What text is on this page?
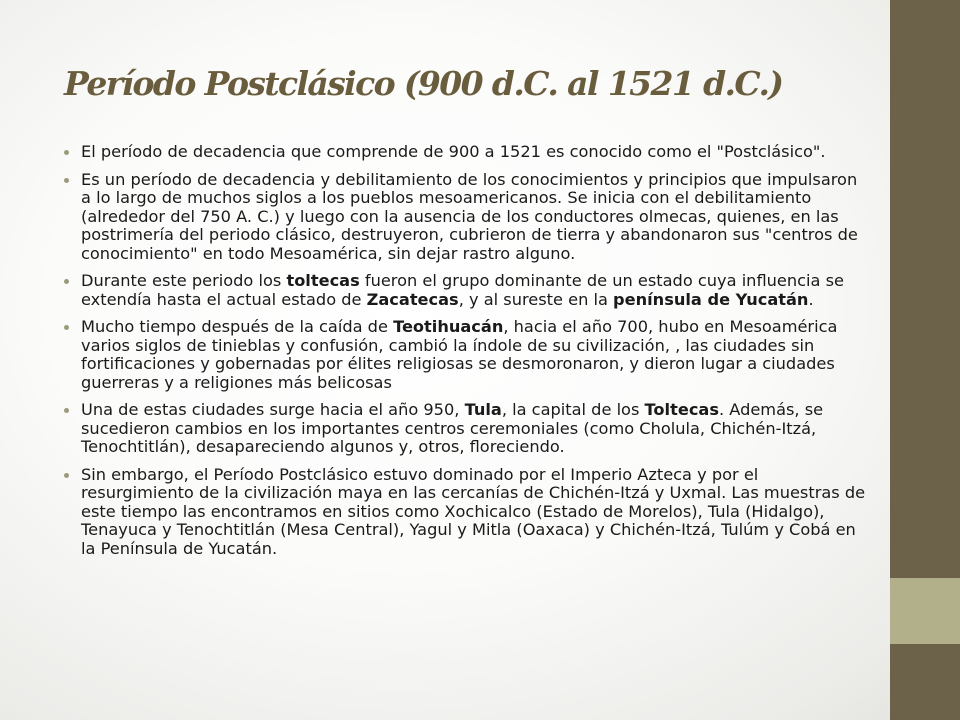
Período Postclásico (900 d.C. al 1521 d.C.)
El período de decadencia que comprende de 900 a 1521 es conocido como el "Postclásico".
Es un período de decadencia y debilitamiento de los conocimientos y principios que impulsaron a lo largo de muchos siglos a los pueblos mesoamericanos. Se inicia con el debilitamiento (alrededor del 750 A. C.) y luego con la ausencia de los conductores olmecas, quienes, en las postrimería del periodo clásico, destruyeron, cubrieron de tierra y abandonaron sus "centros de conocimiento" en todo Mesoamérica, sin dejar rastro alguno.
Durante este periodo los toltecas fueron el grupo dominante de un estado cuya influencia se extendía hasta el actual estado de Zacatecas, y al sureste en la península de Yucatán.
Mucho tiempo después de la caída de Teotihuacán, hacia el año 700, hubo en Mesoamérica varios siglos de tinieblas y confusión, cambió la índole de su civilización, , las ciudades sin fortificaciones y gobernadas por élites religiosas se desmoronaron, y dieron lugar a ciudades guerreras y a religiones más belicosas
Una de estas ciudades surge hacia el año 950, Tula, la capital de los Toltecas. Además, se sucedieron cambios en los importantes centros ceremoniales (como Cholula, Chichén-Itzá, Tenochtitlán), desapareciendo algunos y, otros, floreciendo.
Sin embargo, el Período Postclásico estuvo dominado por el Imperio Azteca y por el resurgimiento de la civilización maya en las cercanías de Chichén-Itzá y Uxmal. Las muestras de este tiempo las encontramos en sitios como Xochicalco (Estado de Morelos), Tula (Hidalgo), Tenayuca y Tenochtitlán (Mesa Central), Yagul y Mitla (Oaxaca) y Chichén-Itzá, Tulúm y Cobá en la Península de Yucatán.
